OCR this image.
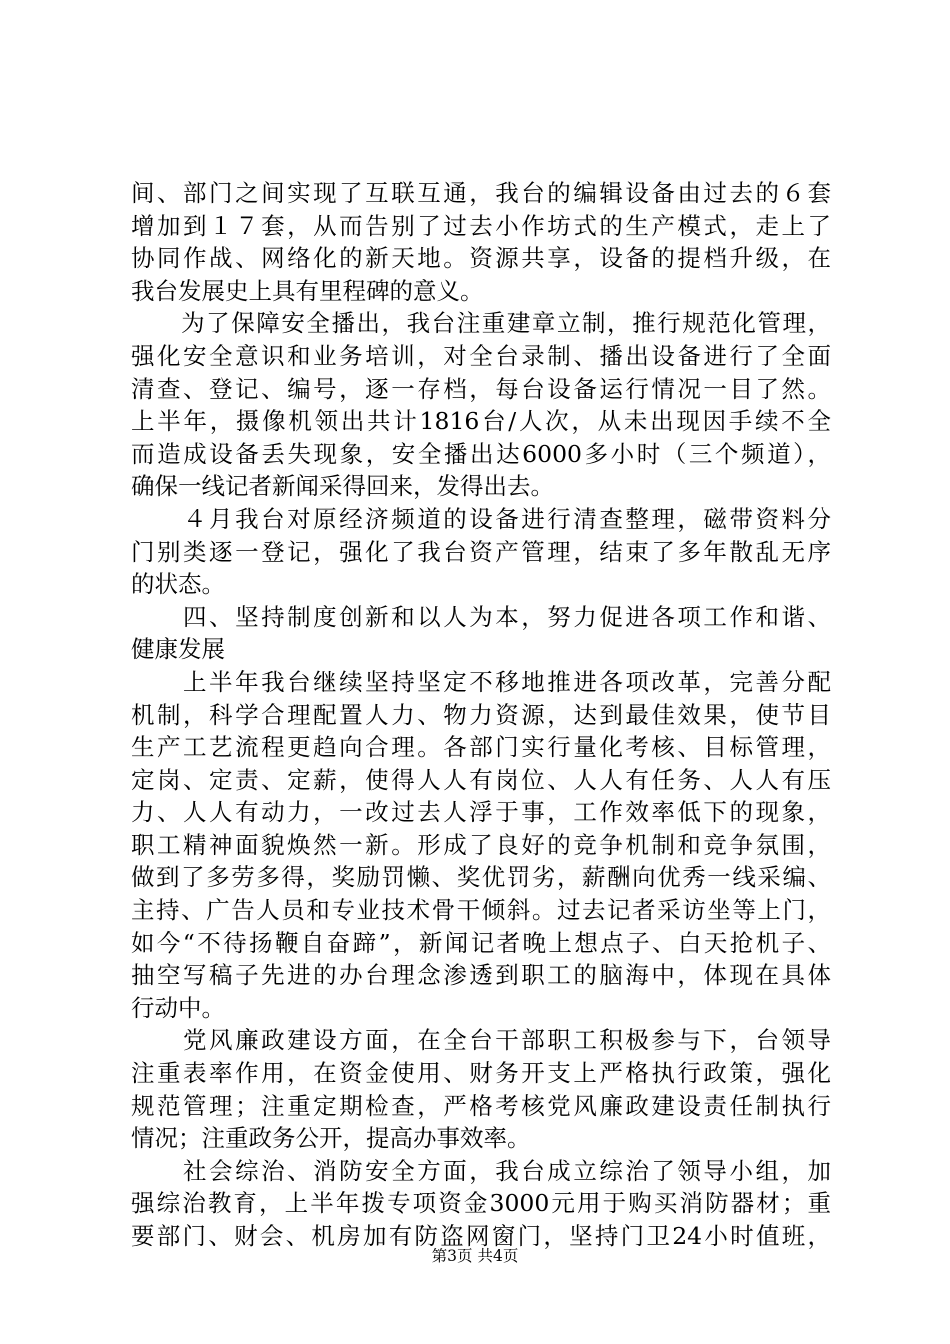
间、部门之间实现了互联互通，我台的编辑设备由过去的６套
增加到１７套，从而告别了过去小作坊式的生产模式，走上了
协同作战、网络化的新天地。资源共享，设备的提档升级，在
我台发展史上具有里程碑的意义。
　　为了保障安全播出，我台注重建章立制，推行规范化管理，
强化安全意识和业务培训，对全台录制、播出设备进行了全面
清查、登记、编号，逐一存档，每台设备运行情况一目了然。
上半年，摄像机领出共计1816台/人次，从未出现因手续不全
而造成设备丢失现象，安全播出达6000多小时（三个频道），
确保一线记者新闻采得回来，发得出去。
　　４月我台对原经济频道的设备进行清查整理，磁带资料分
门别类逐一登记，强化了我台资产管理，结束了多年散乱无序
的状态。
　　四、坚持制度创新和以人为本，努力促进各项工作和谐、
健康发展
　　上半年我台继续坚持坚定不移地推进各项改革，完善分配
机制，科学合理配置人力、物力资源，达到最佳效果，使节目
生产工艺流程更趋向合理。各部门实行量化考核、目标管理，
定岗、定责、定薪，使得人人有岗位、人人有任务、人人有压
力、人人有动力，一改过去人浮于事，工作效率低下的现象，
职工精神面貌焕然一新。形成了良好的竞争机制和竞争氛围，
做到了多劳多得，奖励罚懒、奖优罚劣，薪酬向优秀一线采编、
主持、广告人员和专业技术骨干倾斜。过去记者采访坐等上门，
如今“不待扬鞭自奋蹄”，新闻记者晚上想点子、白天抢机子、
抽空写稿子先进的办台理念渗透到职工的脑海中，体现在具体
行动中。
　　党风廉政建设方面，在全台干部职工积极参与下，台领导
注重表率作用，在资金使用、财务开支上严格执行政策，强化
规范管理；注重定期检查，严格考核党风廉政建设责任制执行
情况；注重政务公开，提高办事效率。
　　社会综治、消防安全方面，我台成立综治了领导小组，加
强综治教育，上半年拨专项资金3000元用于购买消防器材；重
要部门、财会、机房加有防盗网窗门，坚持门卫24小时值班，
第3页 共4页
